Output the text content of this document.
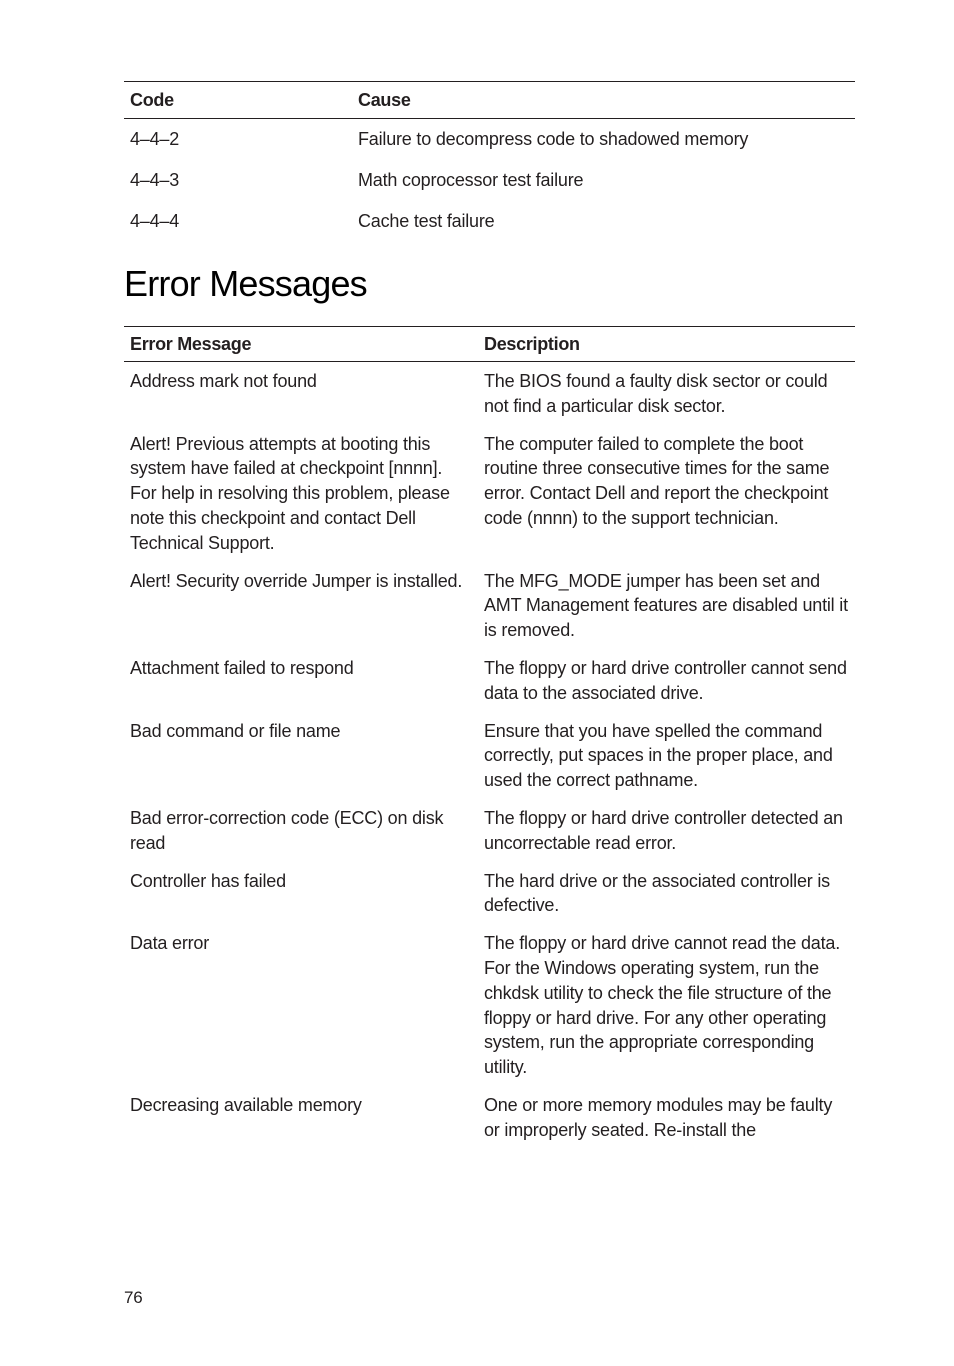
Code	Cause
4–4–2	Failure to decompress code to shadowed memory
4–4–3	Math coprocessor test failure
4–4–4	Cache test failure
Error Messages
Error Message	Description
Address mark not found	The BIOS found a faulty disk sector or could not find a particular disk sector.
Alert! Previous attempts at booting this system have failed at checkpoint [nnnn]. For help in resolving this problem, please note this checkpoint and contact Dell Technical Support.	The computer failed to complete the boot routine three consecutive times for the same error. Contact Dell and report the checkpoint code (nnnn) to the support technician.
Alert! Security override Jumper is installed.	The MFG_MODE jumper has been set and AMT Management features are disabled until it is removed.
Attachment failed to respond	The floppy or hard drive controller cannot send data to the associated drive.
Bad command or file name	Ensure that you have spelled the command correctly, put spaces in the proper place, and used the correct pathname.
Bad error-correction code (ECC) on disk read	The floppy or hard drive controller detected an uncorrectable read error.
Controller has failed	The hard drive or the associated controller is defective.
Data error	The floppy or hard drive cannot read the data. For the Windows operating system, run the chkdsk utility to check the file structure of the floppy or hard drive. For any other operating system, run the appropriate corresponding utility.
Decreasing available memory	One or more memory modules may be faulty or improperly seated. Re-install the
76
